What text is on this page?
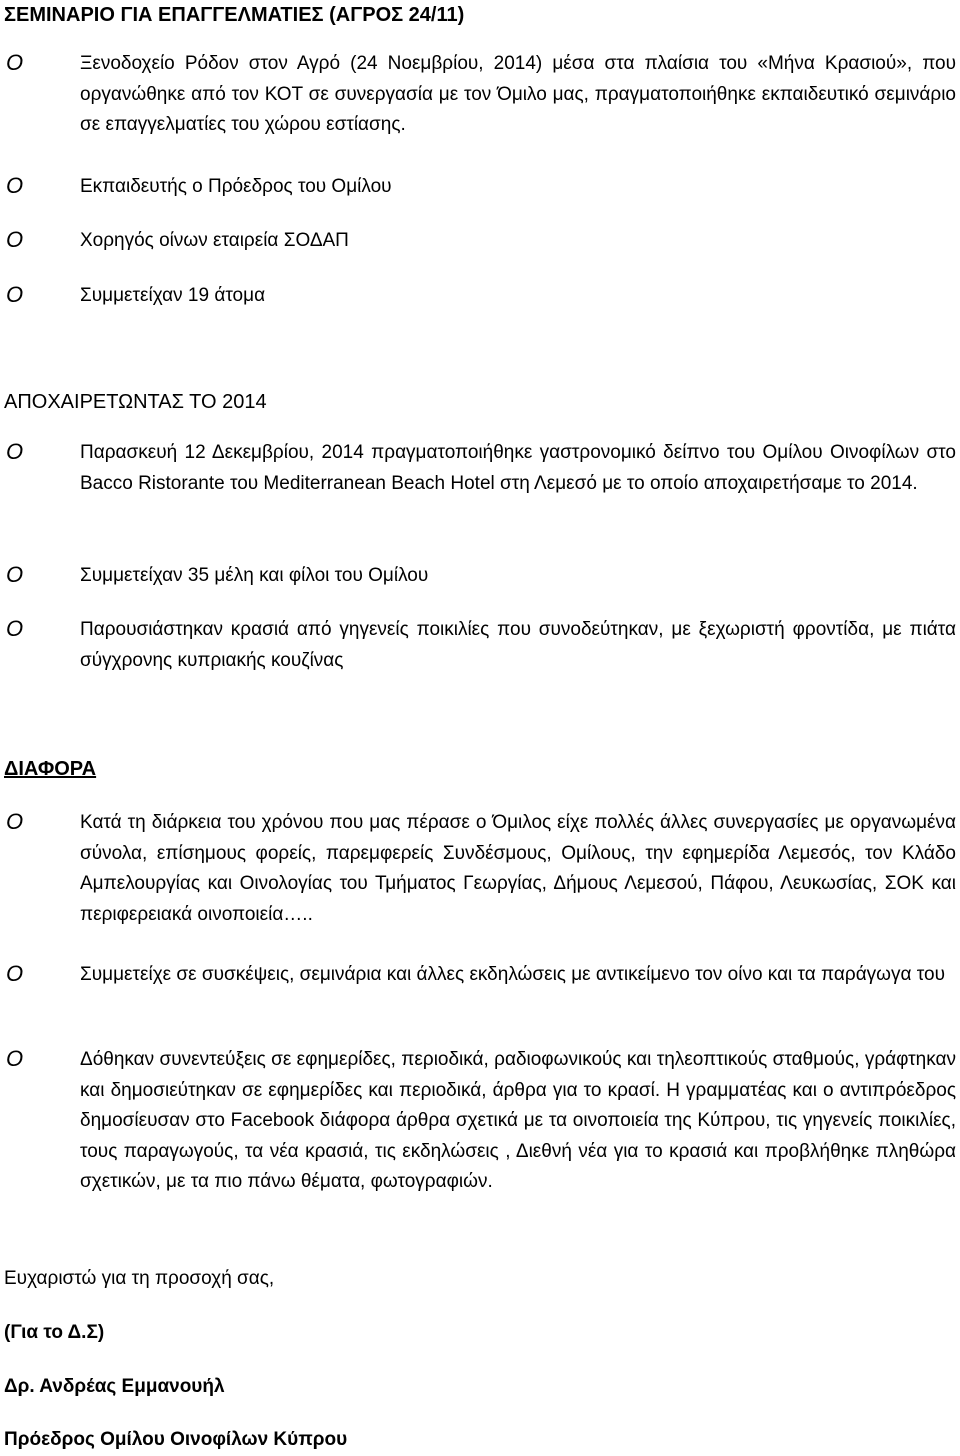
ΣΕΜΙΝΑΡΙΟ ΓΙΑ ΕΠΑΓΓΕΛΜΑΤΙΕΣ (ΑΓΡΟΣ 24/11)
O	Ξενοδοχείο Ρόδον στον Αγρό (24 Νοεμβρίου, 2014) μέσα στα πλαίσια του «Μήνα Κρασιού», που οργανώθηκε από τον ΚΟΤ σε συνεργασία με τον Όμιλο μας, πραγματοποιήθηκε εκπαιδευτικό σεμινάριο σε επαγγελματίες του χώρου εστίασης.
O	Εκπαιδευτής ο Πρόεδρος του Ομίλου
O	Χορηγός οίνων εταιρεία ΣΟΔΑΠ
O	Συμμετείχαν 19 άτομα
ΑΠΟΧΑΙΡΕΤΩΝΤΑΣ ΤΟ 2014
O	Παρασκευή 12 Δεκεμβρίου, 2014 πραγματοποιήθηκε γαστρονομικό δείπνο του Ομίλου Οινοφίλων στο Bacco Ristorante του Mediterranean Beach Hotel στη Λεμεσό με το οποίο αποχαιρετήσαμε το 2014.
O	Συμμετείχαν 35 μέλη και φίλοι του Ομίλου
O	Παρουσιάστηκαν κρασιά από γηγενείς ποικιλίες που συνοδεύτηκαν, με ξεχωριστή φροντίδα, με πιάτα σύγχρονης κυπριακής κουζίνας
ΔΙΑΦΟΡΑ
O	Κατά τη διάρκεια του χρόνου που μας πέρασε ο Όμιλος είχε πολλές άλλες συνεργασίες με οργανωμένα σύνολα, επίσημους φορείς, παρεμφερείς Συνδέσμους, Ομίλους, την εφημερίδα Λεμεσός, τον Κλάδο Αμπελουργίας και Οινολογίας του Τμήματος Γεωργίας, Δήμους Λεμεσού, Πάφου, Λευκωσίας, ΣΟΚ και περιφερειακά οινοποιεία…..
O	Συμμετείχε σε συσκέψεις, σεμινάρια και άλλες εκδηλώσεις με αντικείμενο τον οίνο και τα παράγωγα του
O	Δόθηκαν συνεντεύξεις σε εφημερίδες, περιοδικά, ραδιοφωνικούς και τηλεοπτικούς σταθμούς, γράφτηκαν και δημοσιεύτηκαν σε εφημερίδες και περιοδικά, άρθρα για το κρασί. Η γραμματέας και ο αντιπρόεδρος δημοσίευσαν στο Facebook διάφορα άρθρα σχετικά με τα οινοποιεία της Κύπρου, τις γηγενείς ποικιλίες, τους παραγωγούς, τα νέα κρασιά, τις εκδηλώσεις , Διεθνή νέα για το κρασιά και προβλήθηκε πληθώρα σχετικών, με τα πιο πάνω θέματα, φωτογραφιών.
Ευχαριστώ για τη προσοχή σας,
(Για το Δ.Σ)
Δρ. Ανδρέας Εμμανουήλ
Πρόεδρος Ομίλου Οινοφίλων Κύπρου
